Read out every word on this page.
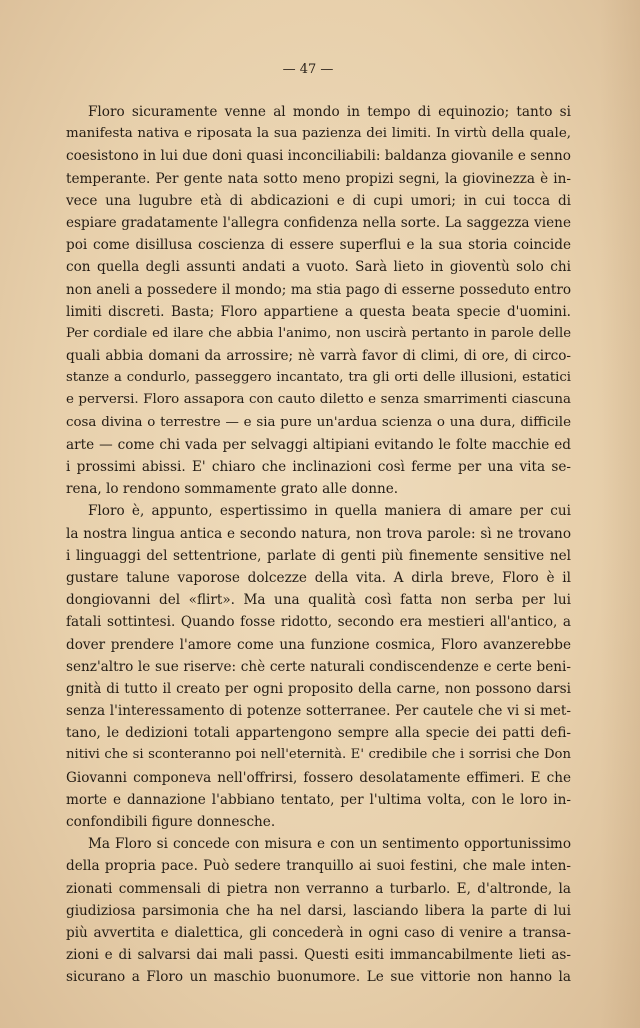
— 47 —
Floro sicuramente venne al mondo in tempo di equinozio; tanto si
manifesta nativa e riposata la sua pazienza dei limiti. In virtù della quale,
coesistono in lui due doni quasi inconciliabili: baldanza giovanile e senno
temperante. Per gente nata sotto meno propizi segni, la giovinezza è in-
vece una lugubre età di abdicazioni e di cupi umori; in cui tocca di
espiare gradatamente l'allegra confidenza nella sorte. La saggezza viene
poi come disillusa coscienza di essere superflui e la sua storia coincide
con quella degli assunti andati a vuoto. Sarà lieto in gioventù solo chi
non aneli a possedere il mondo; ma stia pago di esserne posseduto entro
limiti discreti. Basta; Floro appartiene a questa beata specie d'uomini.
Per cordiale ed ilare che abbia l'animo, non uscirà pertanto in parole delle
quali abbia domani da arrossire; nè varrà favor di climi, di ore, di circo-
stanze a condurlo, passeggero incantato, tra gli orti delle illusioni, estatici
e perversi. Floro assapora con cauto diletto e senza smarrimenti ciascuna
cosa divina o terrestre — e sia pure un'ardua scienza o una dura, difficile
arte — come chi vada per selvaggi altipiani evitando le folte macchie ed
i prossimi abissi. E' chiaro che inclinazioni così ferme per una vita se-
rena, lo rendono sommamente grato alle donne.
Floro è, appunto, espertissimo in quella maniera di amare per cui
la nostra lingua antica e secondo natura, non trova parole: sì ne trovano
i linguaggi del settentrione, parlate di genti più finemente sensitive nel
gustare talune vaporose dolcezze della vita. A dirla breve, Floro è il
dongiovanni del «flirt». Ma una qualità così fatta non serba per lui
fatali sottintesi. Quando fosse ridotto, secondo era mestieri all'antico, a
dover prendere l'amore come una funzione cosmica, Floro avanzerebbe
senz'altro le sue riserve: chè certe naturali condiscendenze e certe beni-
gnità di tutto il creato per ogni proposito della carne, non possono darsi
senza l'interessamento di potenze sotterranee. Per cautele che vi si met-
tano, le dedizioni totali appartengono sempre alla specie dei patti defi-
nitivi che si sconteranno poi nell'eternità. E' credibile che i sorrisi che Don
Giovanni componeva nell'offrirsi, fossero desolatamente effimeri. E che
morte e dannazione l'abbiano tentato, per l'ultima volta, con le loro in-
confondibili figure donnesche.
Ma Floro si concede con misura e con un sentimento opportunissimo
della propria pace. Può sedere tranquillo ai suoi festini, che male inten-
zionati commensali di pietra non verranno a turbarlo. E, d'altronde, la
giudiziosa parsimonia che ha nel darsi, lasciando libera la parte di lui
più avvertita e dialettica, gli concederà in ogni caso di venire a transa-
zioni e di salvarsi dai mali passi. Questi esiti immancabilmente lieti as-
sicurano a Floro un maschio buonumore. Le sue vittorie non hanno la
